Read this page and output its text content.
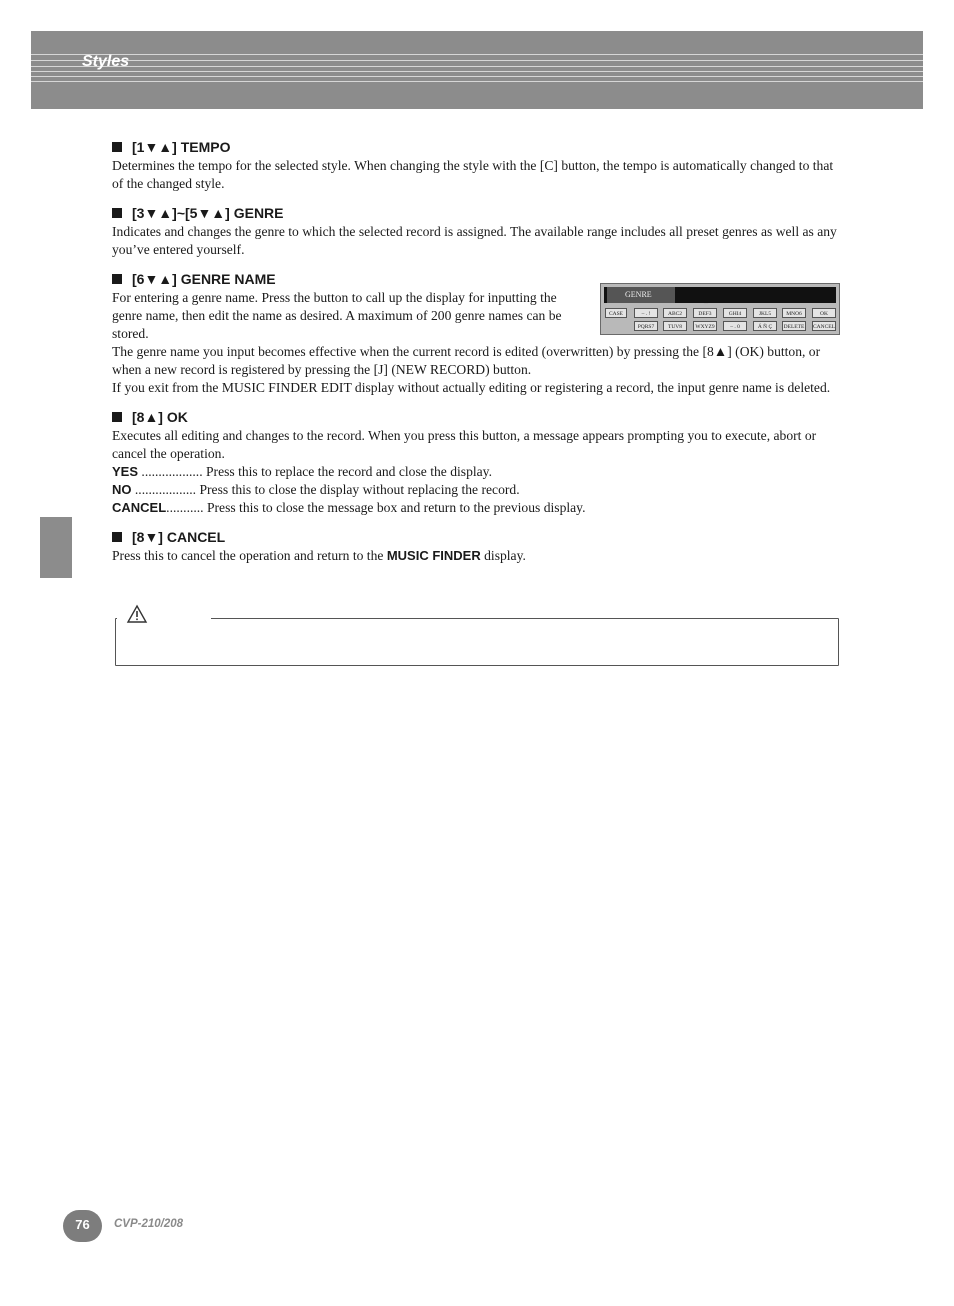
Styles

[1▼▲] TEMPO

Determines the tempo for the selected style. When changing the style with the [C] button, the tempo is automatically changed to that of the changed style.

[3▼▲]~[5▼▲] GENRE

Indicates and changes the genre to which the selected record is assigned. The available range includes all preset genres as well as any you’ve entered yourself.

[6▼▲] GENRE NAME

GENRE
_
CASE	– . !	ABC2	DEF3	GHI4	JKL5	MNO6	OK
PQRS7	TUV8	WXYZ9	– . 0	Á Ñ Ç	DELETE CANCEL

For entering a genre name. Press the button to call up the display for inputting the genre name, then edit the name as desired. A maximum of 200 genre names can be stored.

The genre name you input becomes effective when the current record is edited (overwritten) by pressing the [8▲] (OK) button, or when a new record is registered by pressing the [J] (NEW RECORD) button.

If you exit from the MUSIC FINDER EDIT display without actually editing or registering a record, the input genre name is deleted.

[8▲] OK

Executes all editing and changes to the record. When you press this button, a message appears prompting you to execute, abort or cancel the operation.

YES .................. Press this to replace the record and close the display.

NO .................. Press this to close the display without replacing the record.

CANCEL........... Press this to close the message box and return to the previous display.

[8▼] CANCEL

Press this to cancel the operation and return to the MUSIC FINDER display.

76	CVP-210/208
